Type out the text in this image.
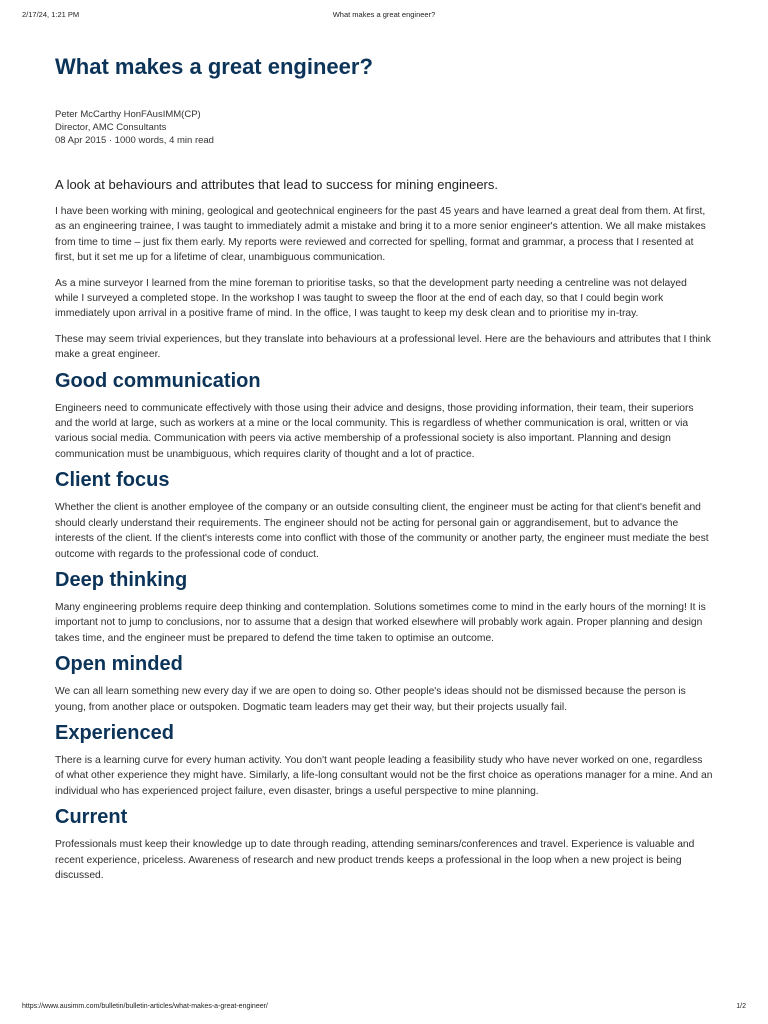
2/17/24, 1:21 PM	What makes a great engineer?
What makes a great engineer?
Peter McCarthy HonFAusIMM(CP)
Director, AMC Consultants
08 Apr 2015 · 1000 words, 4 min read
A look at behaviours and attributes that lead to success for mining engineers.

I have been working with mining, geological and geotechnical engineers for the past 45 years and have learned a great deal from them. At first, as an engineering trainee, I was taught to immediately admit a mistake and bring it to a more senior engineer's attention. We all make mistakes from time to time – just fix them early. My reports were reviewed and corrected for spelling, format and grammar, a process that I resented at first, but it set me up for a lifetime of clear, unambiguous communication.

As a mine surveyor I learned from the mine foreman to prioritise tasks, so that the development party needing a centreline was not delayed while I surveyed a completed stope. In the workshop I was taught to sweep the floor at the end of each day, so that I could begin work immediately upon arrival in a positive frame of mind. In the office, I was taught to keep my desk clean and to prioritise my in-tray.

These may seem trivial experiences, but they translate into behaviours at a professional level. Here are the behaviours and attributes that I think make a great engineer.

Good communication

Engineers need to communicate effectively with those using their advice and designs, those providing information, their team, their superiors and the world at large, such as workers at a mine or the local community. This is regardless of whether communication is oral, written or via various social media. Communication with peers via active membership of a professional society is also important. Planning and design communication must be unambiguous, which requires clarity of thought and a lot of practice.

Client focus

Whether the client is another employee of the company or an outside consulting client, the engineer must be acting for that client's benefit and should clearly understand their requirements. The engineer should not be acting for personal gain or aggrandisement, but to advance the interests of the client. If the client's interests come into conflict with those of the community or another party, the engineer must mediate the best outcome with regards to the professional code of conduct.

Deep thinking

Many engineering problems require deep thinking and contemplation. Solutions sometimes come to mind in the early hours of the morning! It is important not to jump to conclusions, nor to assume that a design that worked elsewhere will probably work again. Proper planning and design takes time, and the engineer must be prepared to defend the time taken to optimise an outcome.

Open minded

We can all learn something new every day if we are open to doing so. Other people's ideas should not be dismissed because the person is young, from another place or outspoken. Dogmatic team leaders may get their way, but their projects usually fail.

Experienced

There is a learning curve for every human activity. You don't want people leading a feasibility study who have never worked on one, regardless of what other experience they might have. Similarly, a life-long consultant would not be the first choice as operations manager for a mine. And an individual who has experienced project failure, even disaster, brings a useful perspective to mine planning.

Current

Professionals must keep their knowledge up to date through reading, attending seminars/conferences and travel. Experience is valuable and recent experience, priceless. Awareness of research and new product trends keeps a professional in the loop when a new project is being discussed.

https://www.ausimm.com/bulletin/bulletin-articles/what-makes-a-great-engineer/	1/2
